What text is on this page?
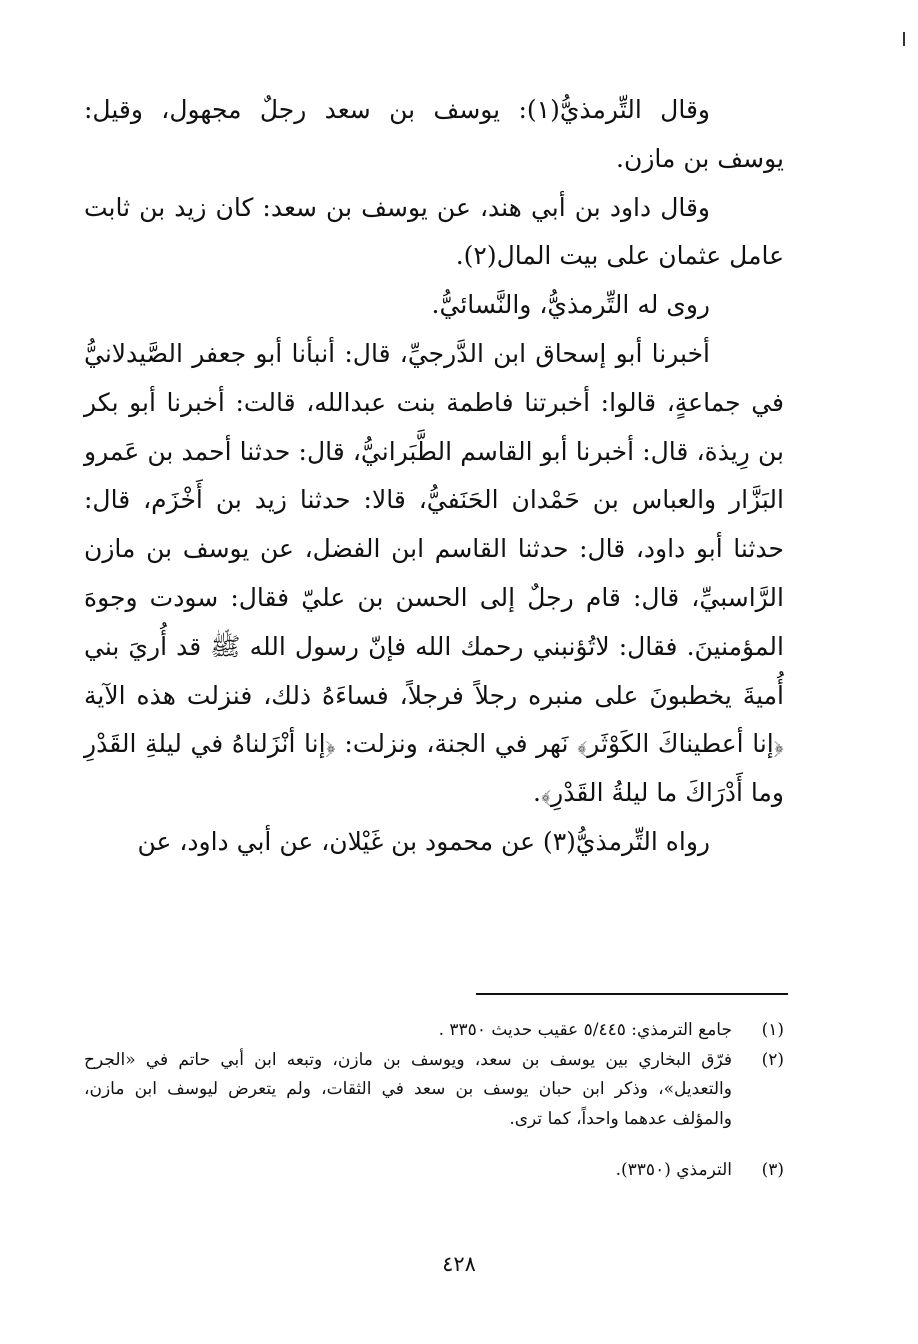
وقال التِّرمذيُّ(١): يوسف بن سعد رجلٌ مجهول، وقيل: يوسف بن مازن.

وقال داود بن أبي هند، عن يوسف بن سعد: كان زيد بن ثابت عامل عثمان على بيت المال(٢).

روى له التِّرمذيُّ، والنَّسائيُّ.

أخبرنا أبو إسحاق ابن الدَّرجيِّ، قال: أنبأنا أبو جعفر الصَّيدلانيُّ في جماعةٍ، قالوا: أخبرتنا فاطمة بنت عبدالله، قالت: أخبرنا أبو بكر بن رِيذة، قال: أخبرنا أبو القاسم الطَّبَرانيُّ، قال: حدثنا أحمد بن عَمرو البَزَّار والعباس بن حَمْدان الحَنَفيُّ، قالا: حدثنا زيد بن أَخْزَم، قال: حدثنا أبو داود، قال: حدثنا القاسم ابن الفضل، عن يوسف بن مازن الرَّاسبيِّ، قال: قام رجلٌ إلى الحسن بن عليّ فقال: سودت وجوهَ المؤمنينَ. فقال: لاتُؤنبني رحمك الله فإنّ رسول الله ﷺ قد أُريَ بني أُميةَ يخطبونَ على منبره رجلاً فرجلاً، فساءَهُ ذلك، فنزلت هذه الآية ﴿إنا أعطيناكَ الكَوْثَر﴾ نَهر في الجنة، ونزلت: ﴿إنا أنْزَلناهُ في ليلةِ القَدْرِ وما أَدْرَاكَ ما ليلةُ القَدْرِ﴾.

رواه التِّرمذيُّ(٣) عن محمود بن غَيْلان، عن أبي داود، عن

(١)
جامع الترمذي: ٥/٤٤٥ عقيب حديث ٣٣٥٠ .

(٢)
فرّق البخاري بين يوسف بن سعد، ويوسف بن مازن، وتبعه ابن أبي حاتم في «الجرح والتعديل»، وذكر ابن حبان يوسف بن سعد في الثقات، ولم يتعرض ليوسف ابن مازن، والمؤلف عدهما واحداً، كما ترى.

(٣)
الترمذي (٣٣٥٠).

٤٢٨
